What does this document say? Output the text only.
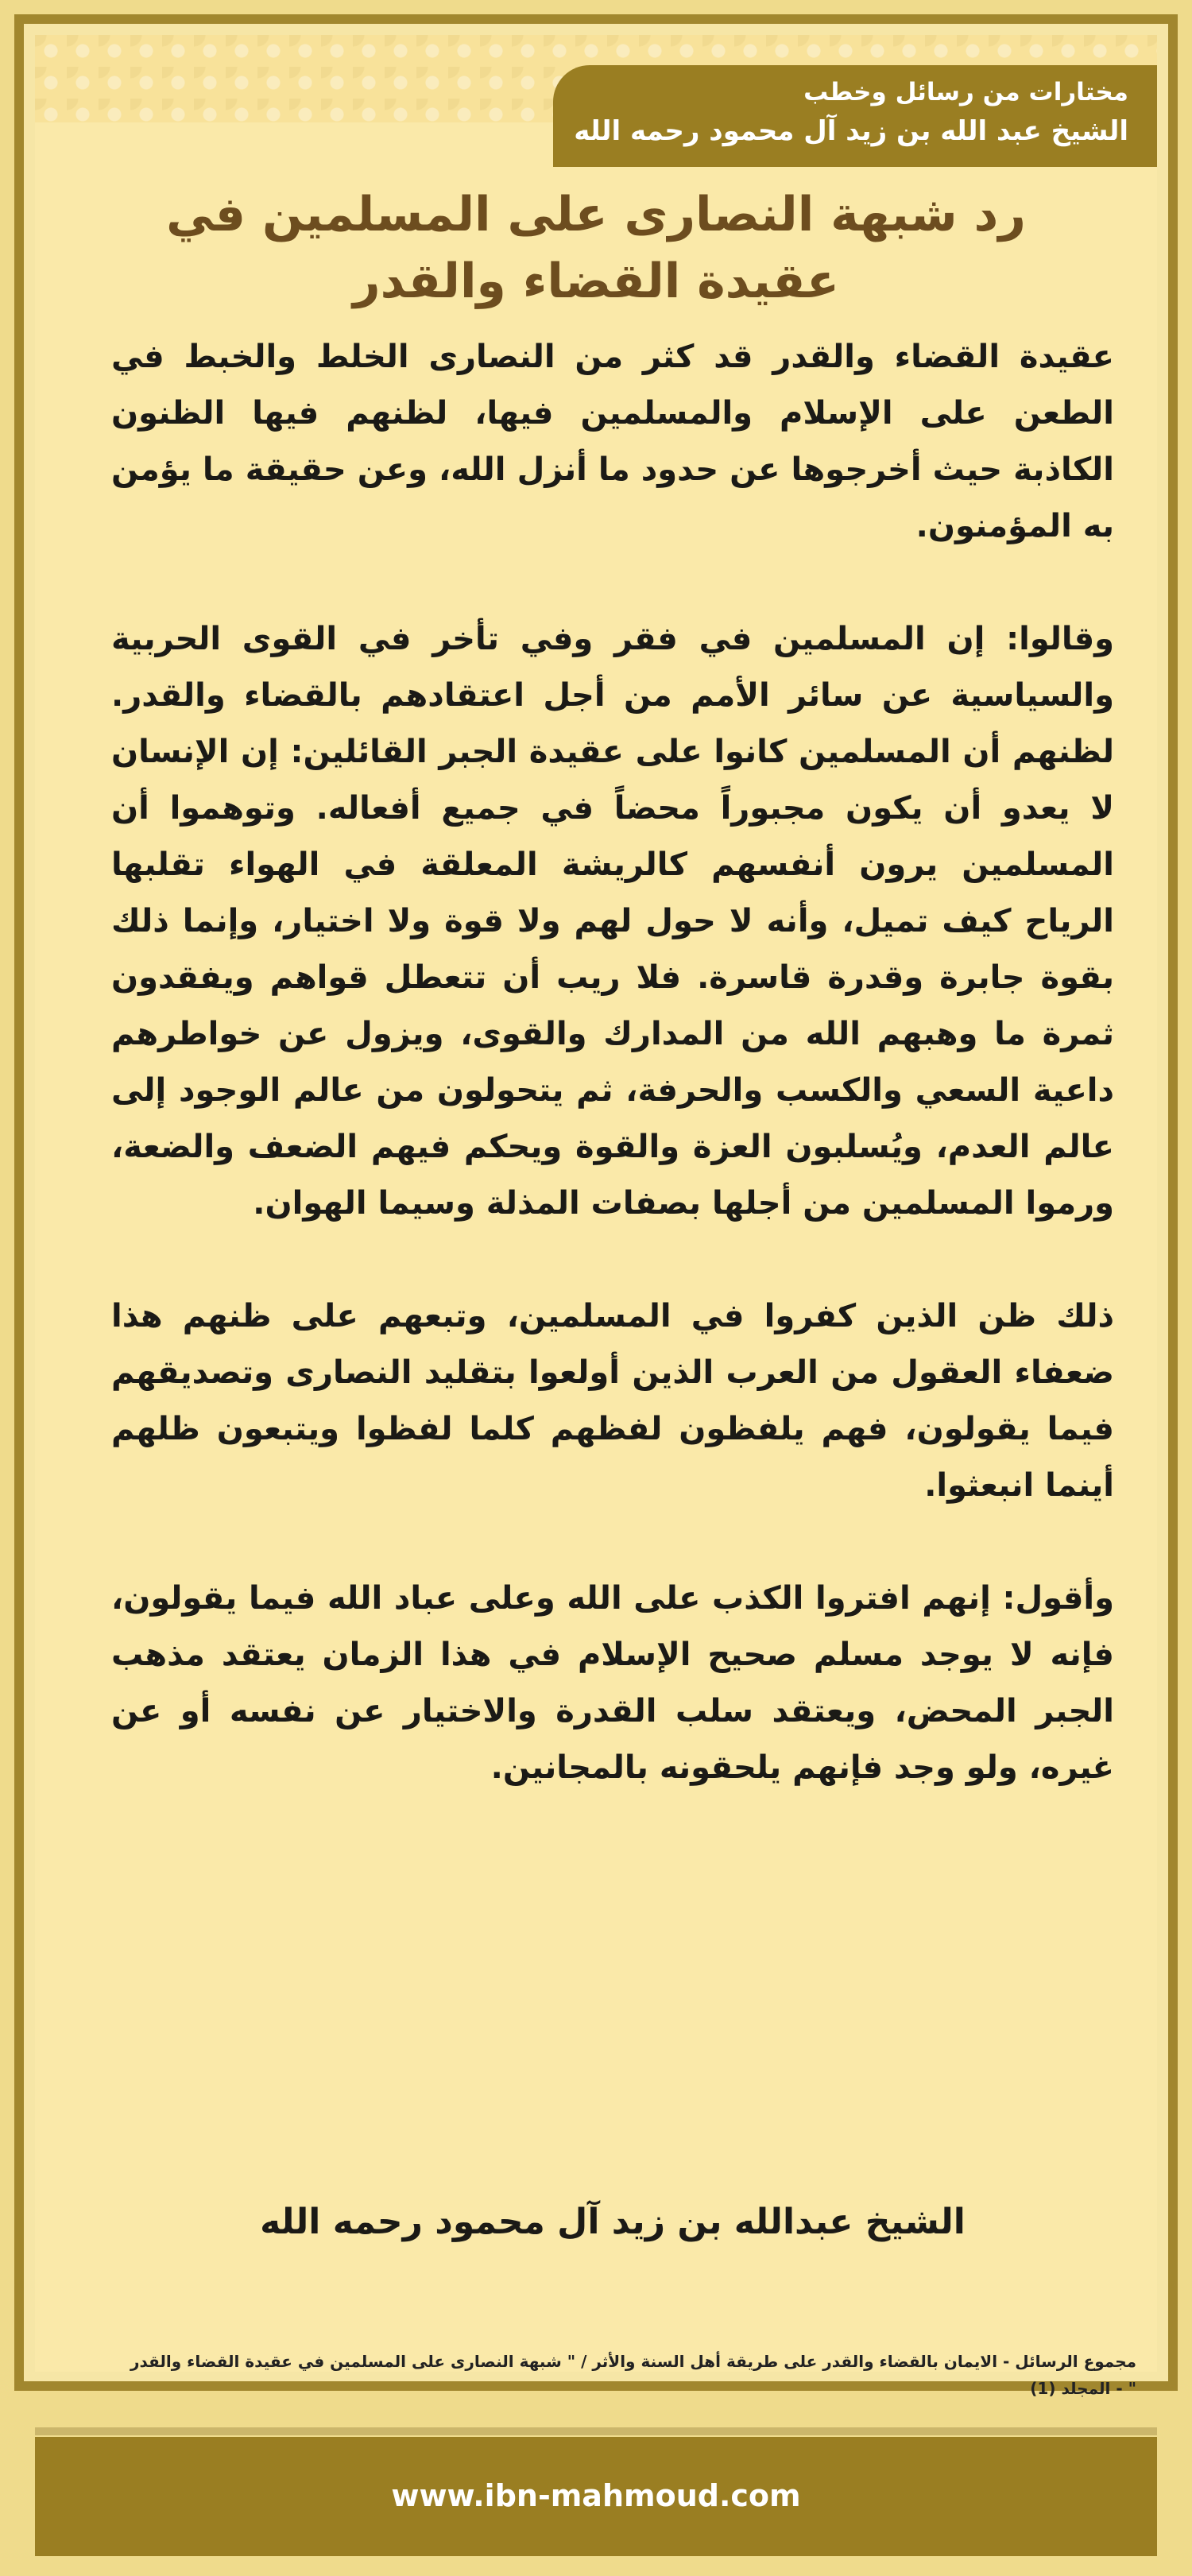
مختارات من رسائل وخطب
الشيخ عبد الله بن زيد آل محمود رحمه الله
رد شبهة النصارى على المسلمين في عقيدة القضاء والقدر

عقيدة القضاء والقدر قد كثر من النصارى الخلط والخبط في الطعن على الإسلام والمسلمين فيها، لظنهم فيها الظنون الكاذبة حيث أخرجوها عن حدود ما أنزل الله، وعن حقيقة ما يؤمن به المؤمنون.

وقالوا: إن المسلمين في فقر وفي تأخر في القوى الحربية والسياسية عن سائر الأمم من أجل اعتقادهم بالقضاء والقدر. لظنهم أن المسلمين كانوا على عقيدة الجبر القائلين: إن الإنسان لا يعدو أن يكون مجبوراً محضاً في جميع أفعاله. وتوهموا أن المسلمين يرون أنفسهم كالريشة المعلقة في الهواء تقلبها الرياح كيف تميل، وأنه لا حول لهم ولا قوة ولا اختيار، وإنما ذلك بقوة جابرة وقدرة قاسرة. فلا ريب أن تتعطل قواهم ويفقدون ثمرة ما وهبهم الله من المدارك والقوى، ويزول عن خواطرهم داعية السعي والكسب والحرفة، ثم يتحولون من عالم الوجود إلى عالم العدم، ويُسلبون العزة والقوة ويحكم فيهم الضعف والضعة، ورموا المسلمين من أجلها بصفات المذلة وسيما الهوان.

ذلك ظن الذين كفروا في المسلمين، وتبعهم على ظنهم هذا ضعفاء العقول من العرب الذين أولعوا بتقليد النصارى وتصديقهم فيما يقولون، فهم يلفظون لفظهم كلما لفظوا ويتبعون ظلهم أينما انبعثوا.

وأقول: إنهم افتروا الكذب على الله وعلى عباد الله فيما يقولون، فإنه لا يوجد مسلم صحيح الإسلام في هذا الزمان يعتقد مذهب الجبر المحض، ويعتقد سلب القدرة والاختيار عن نفسه أو عن غيره، ولو وجد فإنهم يلحقونه بالمجانين.

الشيخ عبدالله بن زيد آل محمود رحمه الله
مجموع الرسائل - الايمان بالقضاء والقدر على طريقة أهل السنة والأثر / " شبهة النصارى على المسلمين في عقيدة القضاء والقدر " - المجلد (1)
www.ibn-mahmoud.com
